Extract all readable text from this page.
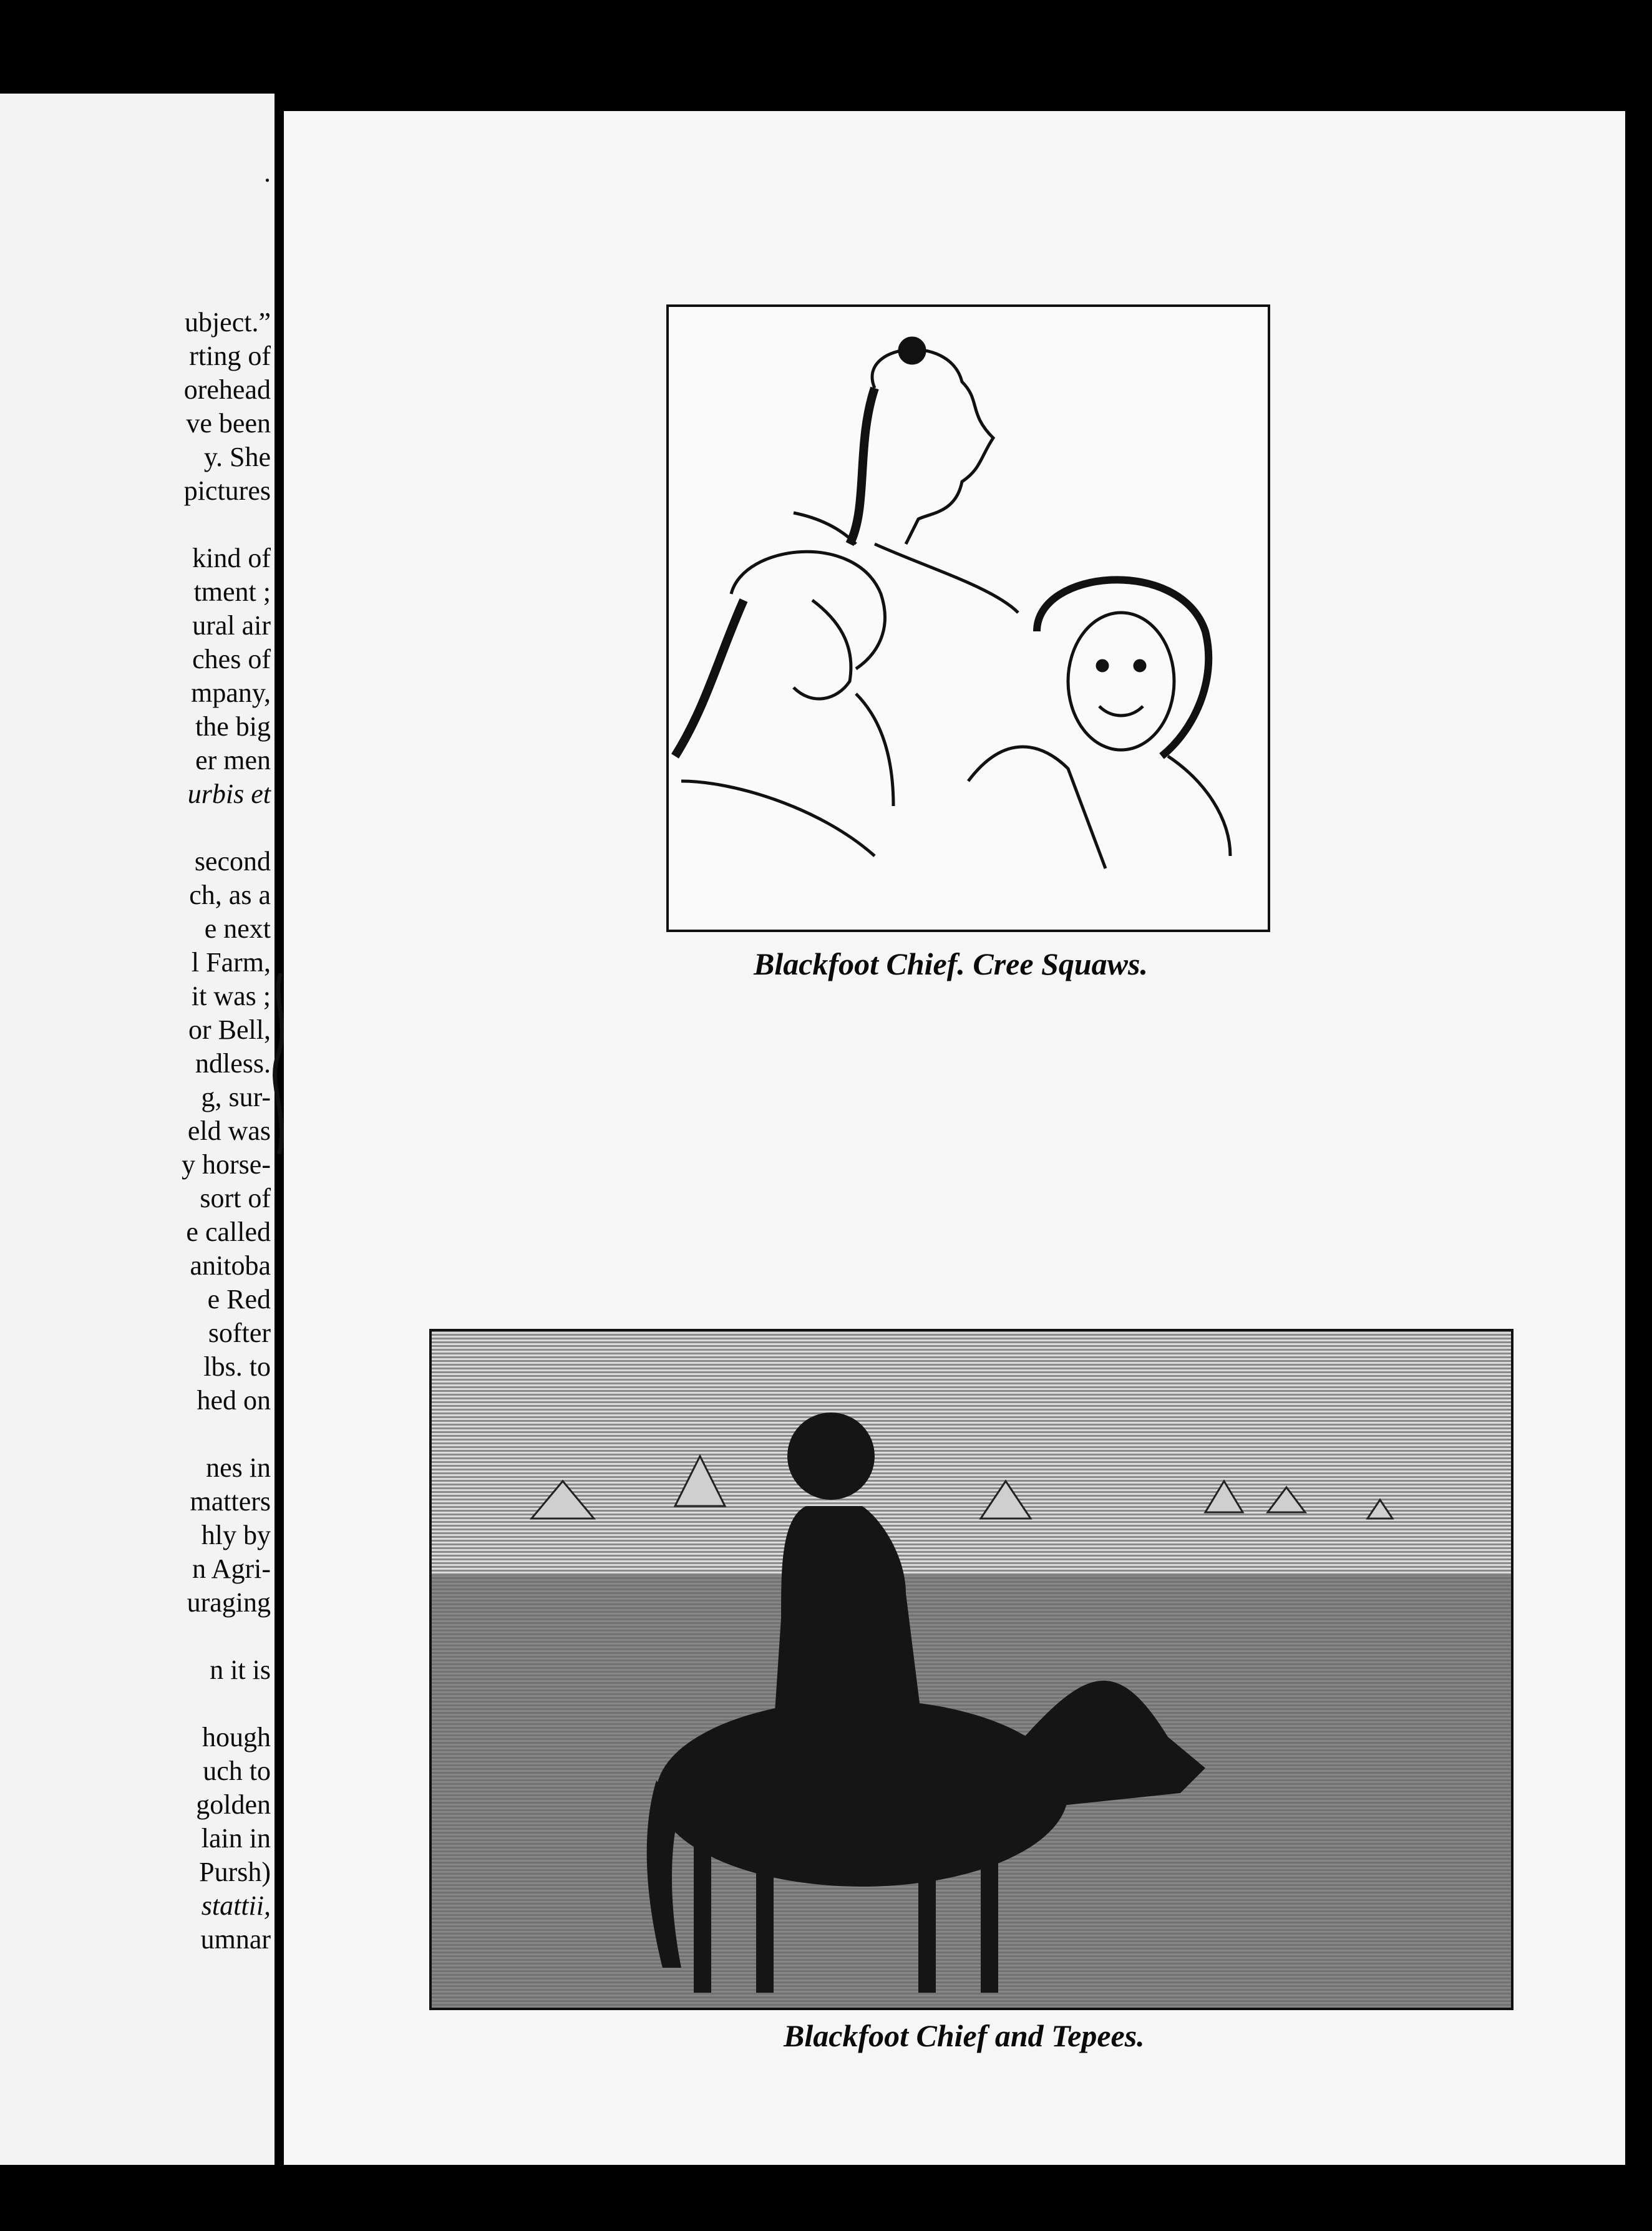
.
ubject.”
rting of
orehead
ve been
y. She
pictures
kind of
tment ;
ural air
ches of
mpany,
the big
er men
urbis et
second
ch, as a
e next
l Farm,
it was ;
or Bell,
ndless.
g, sur-
eld was
y horse-
sort of
e called
anitoba
e Red
softer
lbs. to
hed on
nes in
matters
hly by
n Agri-
uraging
n it is
hough
uch to
golden
lain in
Pursh)
stattii,
umnar
Blackfoot Chief. Cree Squaws.
Blackfoot Chief and Tepees.
